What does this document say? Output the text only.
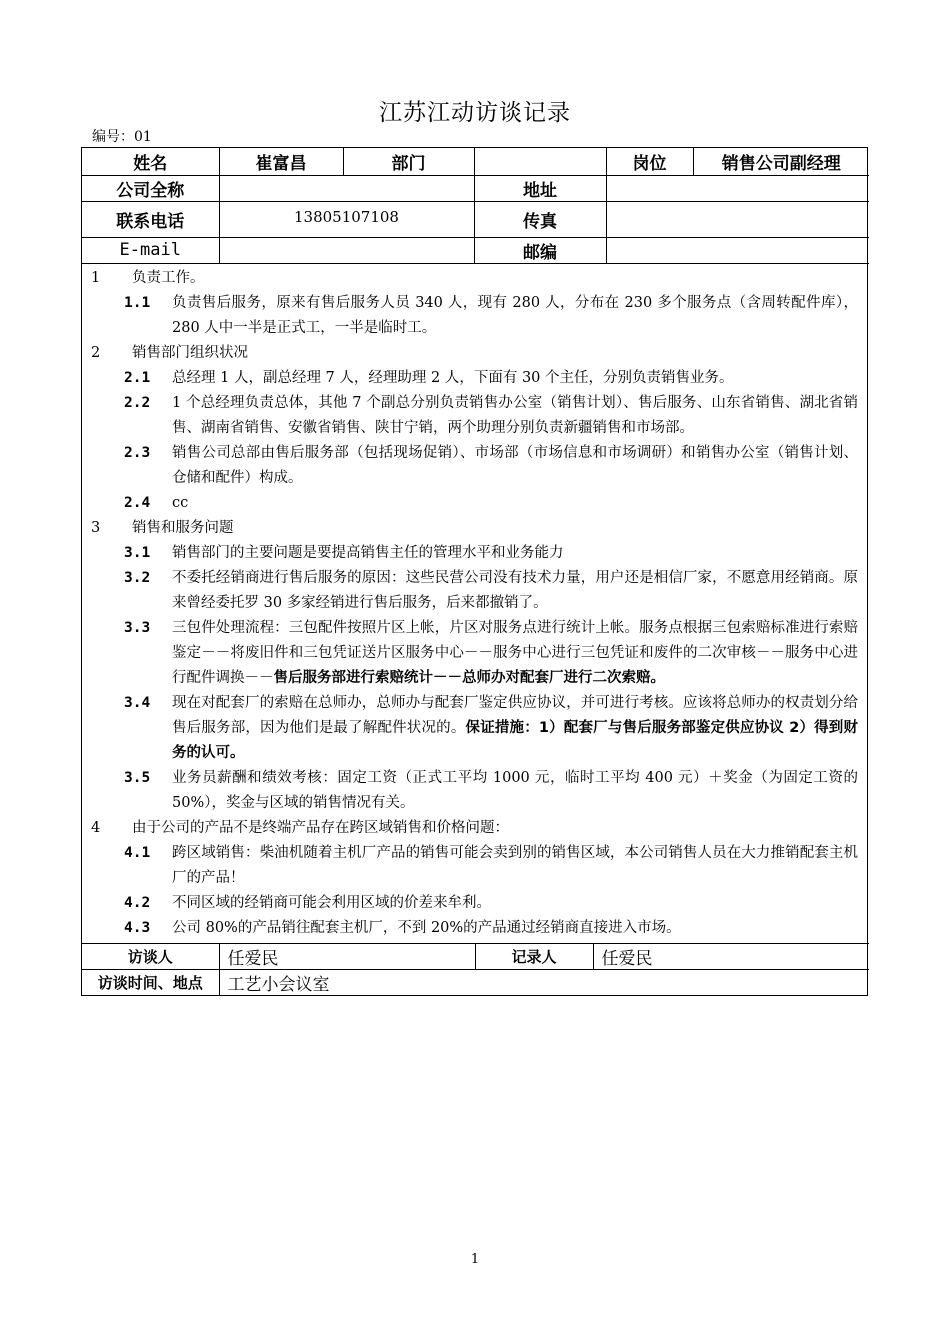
江苏江动访谈记录
编号：01
姓名	崔富昌	部门		岗位	销售公司副经理
公司全称			地址		
联系电话	13805107108		传真		
E-mail			邮编		
1 负责工作。
1.1 负责售后服务，原来有售后服务人员 340 人，现有 280 人，分布在 230 多个服务点（含周转配件库），280 人中一半是正式工，一半是临时工。
2 销售部门组织状况
2.1 总经理 1 人，副总经理 7 人，经理助理 2 人，下面有 30 个主任，分别负责销售业务。
2.2 1 个总经理负责总体，其他 7 个副总分别负责销售办公室（销售计划）、售后服务、山东省销售、湖北省销售、湖南省销售、安徽省销售、陕甘宁销，两个助理分别负责新疆销售和市场部。
2.3 销售公司总部由售后服务部（包括现场促销）、市场部（市场信息和市场调研）和销售办公室（销售计划、仓储和配件）构成。
2.4 cc
3 销售和服务问题
3.1 销售部门的主要问题是要提高销售主任的管理水平和业务能力
3.2 不委托经销商进行售后服务的原因：这些民营公司没有技术力量，用户还是相信厂家，不愿意用经销商。原来曾经委托罗 30 多家经销进行售后服务，后来都撤销了。
3.3 三包件处理流程：三包配件按照片区上帐，片区对服务点进行统计上帐。服务点根据三包索赔标准进行索赔鉴定－－将废旧件和三包凭证送片区服务中心－－服务中心进行三包凭证和废件的二次审核－－服务中心进行配件调换－－售后服务部进行索赔统计－－总师办对配套厂进行二次索赔。
3.4 现在对配套厂的索赔在总师办，总师办与配套厂鉴定供应协议，并可进行考核。应该将总师办的权责划分给售后服务部，因为他们是最了解配件状况的。保证措施：1）配套厂与售后服务部鉴定供应协议 2）得到财务的认可。
3.5 业务员薪酬和绩效考核：固定工资（正式工平均 1000 元，临时工平均 400 元）＋奖金（为固定工资的 50%），奖金与区域的销售情况有关。
4 由于公司的产品不是终端产品存在跨区域销售和价格问题：
4.1 跨区域销售：柴油机随着主机厂产品的销售可能会卖到别的销售区域，本公司销售人员在大力推销配套主机厂的产品！
4.2 不同区域的经销商可能会利用区域的价差来牟利。
4.3 公司 80%的产品销往配套主机厂，不到 20%的产品通过经销商直接进入市场。
访谈人	任爱民	记录人	任爱民
访谈时间、地点	工艺小会议室		
1
